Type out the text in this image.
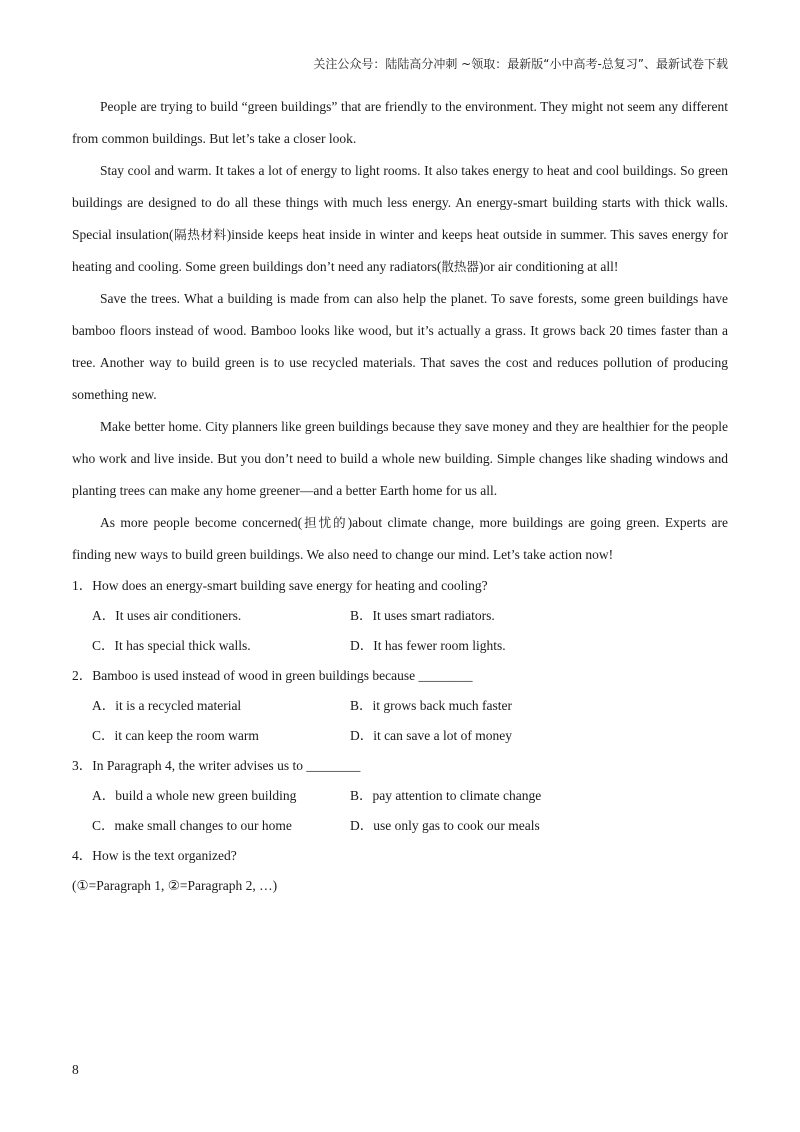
关注公众号：陆陆高分冲刺 ~领取：最新版“小中高考-总复习”、最新试卷下载

People are trying to build “green buildings” that are friendly to the environment. They might not seem any different from common buildings. But let’s take a closer look.

Stay cool and warm. It takes a lot of energy to light rooms. It also takes energy to heat and cool buildings. So green buildings are designed to do all these things with much less energy. An energy-smart building starts with thick walls. Special insulation(隔热材料)inside keeps heat inside in winter and keeps heat outside in summer. This saves energy for heating and cooling. Some green buildings don’t need any radiators(散热器)or air conditioning at all!

Save the trees. What a building is made from can also help the planet. To save forests, some green buildings have bamboo floors instead of wood. Bamboo looks like wood, but it’s actually a grass. It grows back 20 times faster than a tree. Another way to build green is to use recycled materials. That saves the cost and reduces pollution of producing something new.

Make better home. City planners like green buildings because they save money and they are healthier for the people who work and live inside. But you don’t need to build a whole new building. Simple changes like shading windows and planting trees can make any home greener—and a better Earth home for us all.

As more people become concerned(担忧的)about climate change, more buildings are going green. Experts are finding new ways to build green buildings. We also need to change our mind. Let’s take action now!

1．How does an energy-smart building save energy for heating and cooling?

A．It uses air conditioners.	B．It uses smart radiators.
C．It has special thick walls.	D．It has fewer room lights.

2．Bamboo is used instead of wood in green buildings because ________

A．it is a recycled material	B．it grows back much faster
C．it can keep the room warm	D．it can save a lot of money

3．In Paragraph 4, the writer advises us to ________

A．build a whole new green building	B．pay attention to climate change
C．make small changes to our home	D．use only gas to cook our meals

4．How is the text organized?

(①=Paragraph 1, ②=Paragraph 2, …)

8
